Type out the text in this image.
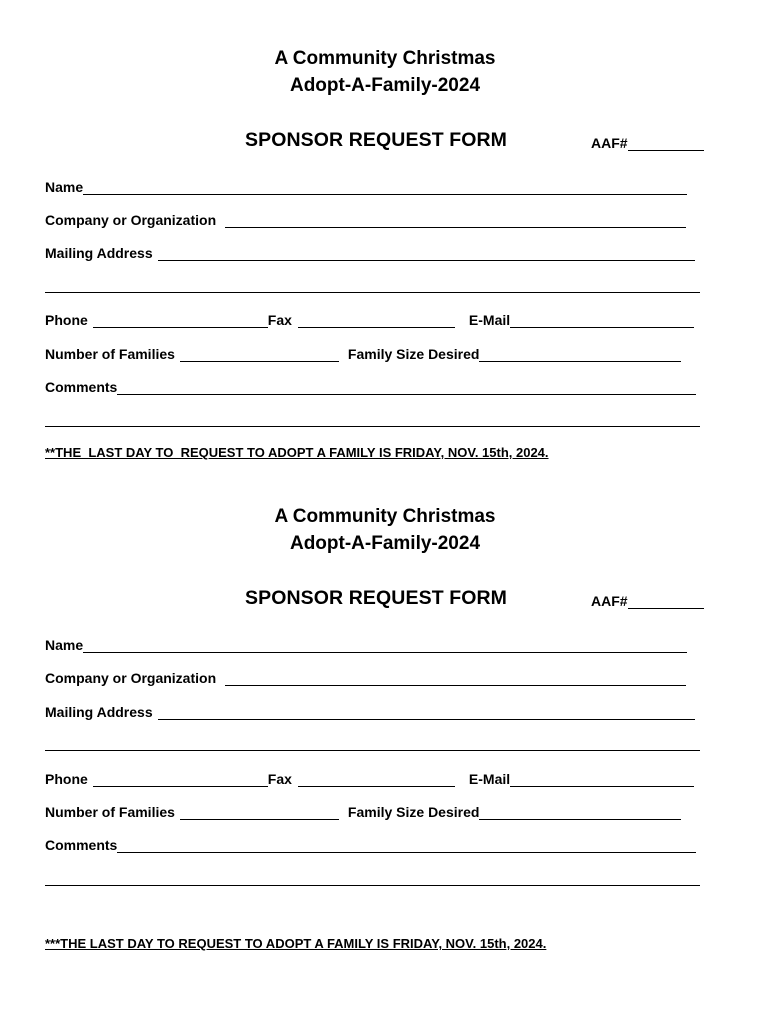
A Community Christmas
Adopt-A-Family-2024
SPONSOR REQUEST FORM	AAF#
Name
Company or Organization
Mailing Address
Phone	Fax	E-Mail
Number of Families	Family Size Desired
Comments
**THE  LAST DAY TO  REQUEST TO ADOPT A FAMILY IS FRIDAY, NOV. 15th, 2024.
A Community Christmas
Adopt-A-Family-2024
SPONSOR REQUEST FORM	AAF#
Name
Company or Organization
Mailing Address
Phone	Fax	E-Mail
Number of Families	Family Size Desired
Comments
***THE LAST DAY TO REQUEST TO ADOPT A FAMILY IS FRIDAY, NOV. 15th, 2024.
